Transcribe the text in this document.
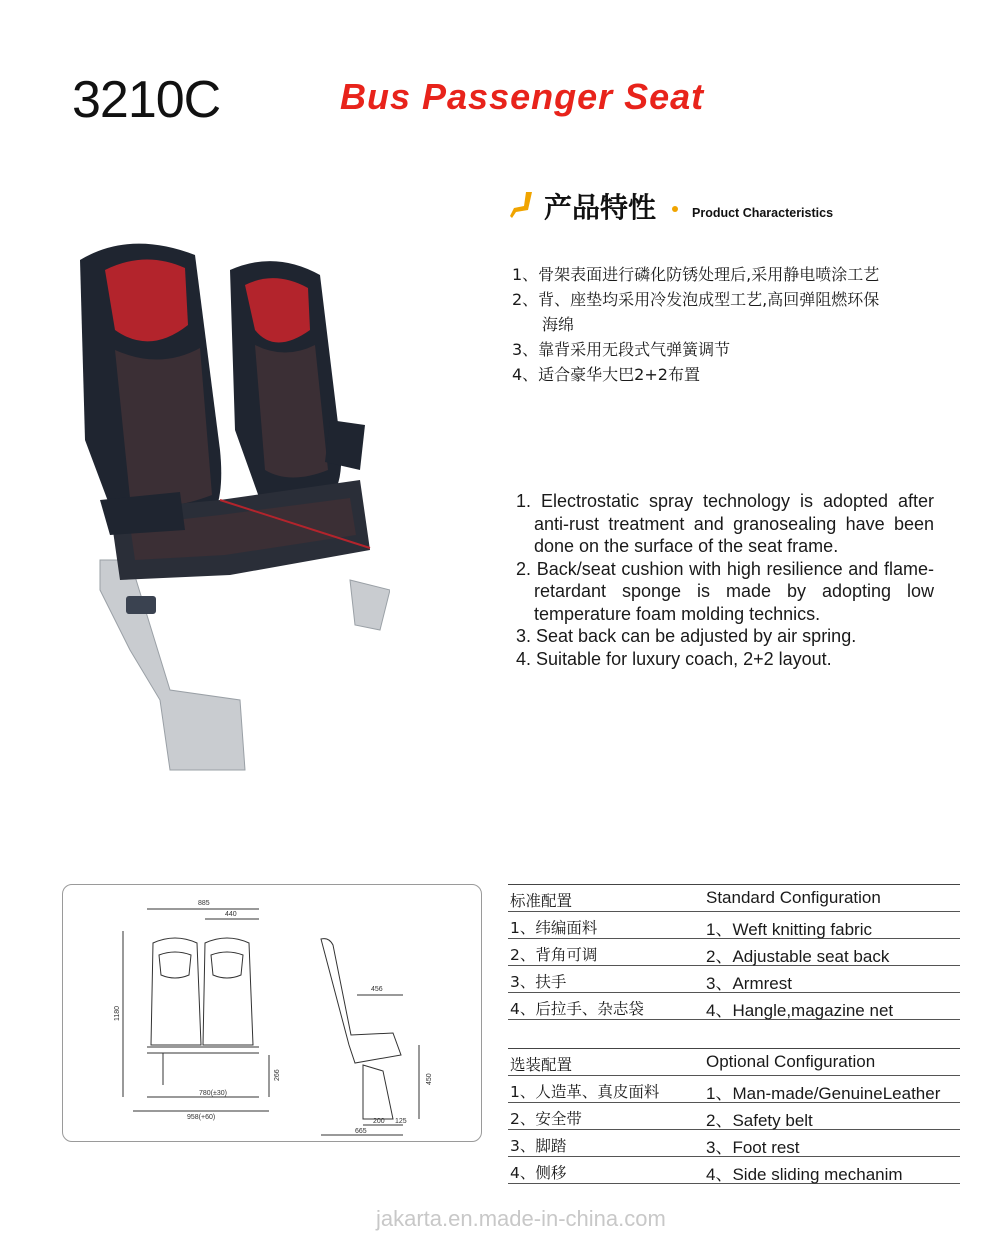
3210C	Bus Passenger Seat
产品特性	Product Characteristics
1、骨架表面进行磷化防锈处理后,采用静电喷涂工艺
2、背、座垫均采用冷发泡成型工艺,高回弹阻燃环保
海绵
3、靠背采用无段式气弹簧调节
4、适合豪华大巴2+2布置
1. Electrostatic spray technology is adopted after anti-rust treatment and granosealing have been done on the surface of the seat frame.
2. Back/seat cushion with high resilience and flame-retardant sponge is made by adopting low temperature foam molding technics.
3. Seat back can be adjusted by air spring.
4. Suitable for luxury coach, 2+2 layout.
885
440
1180
266
780(±30)
958(+60)
456
450
200 125
665
标准配置	Standard Configuration
1、纬编面料	1、Weft knitting fabric
2、背角可调	2、Adjustable seat back
3、扶手	3、Armrest
4、后拉手、杂志袋	4、Hangle,magazine net
选装配置	Optional Configuration
1、人造革、真皮面料	1、Man-made/GenuineLeather
2、安全带	2、Safety belt
3、脚踏	3、Foot rest
4、侧移	4、Side sliding mechanim
jakarta.en.made-in-china.com
